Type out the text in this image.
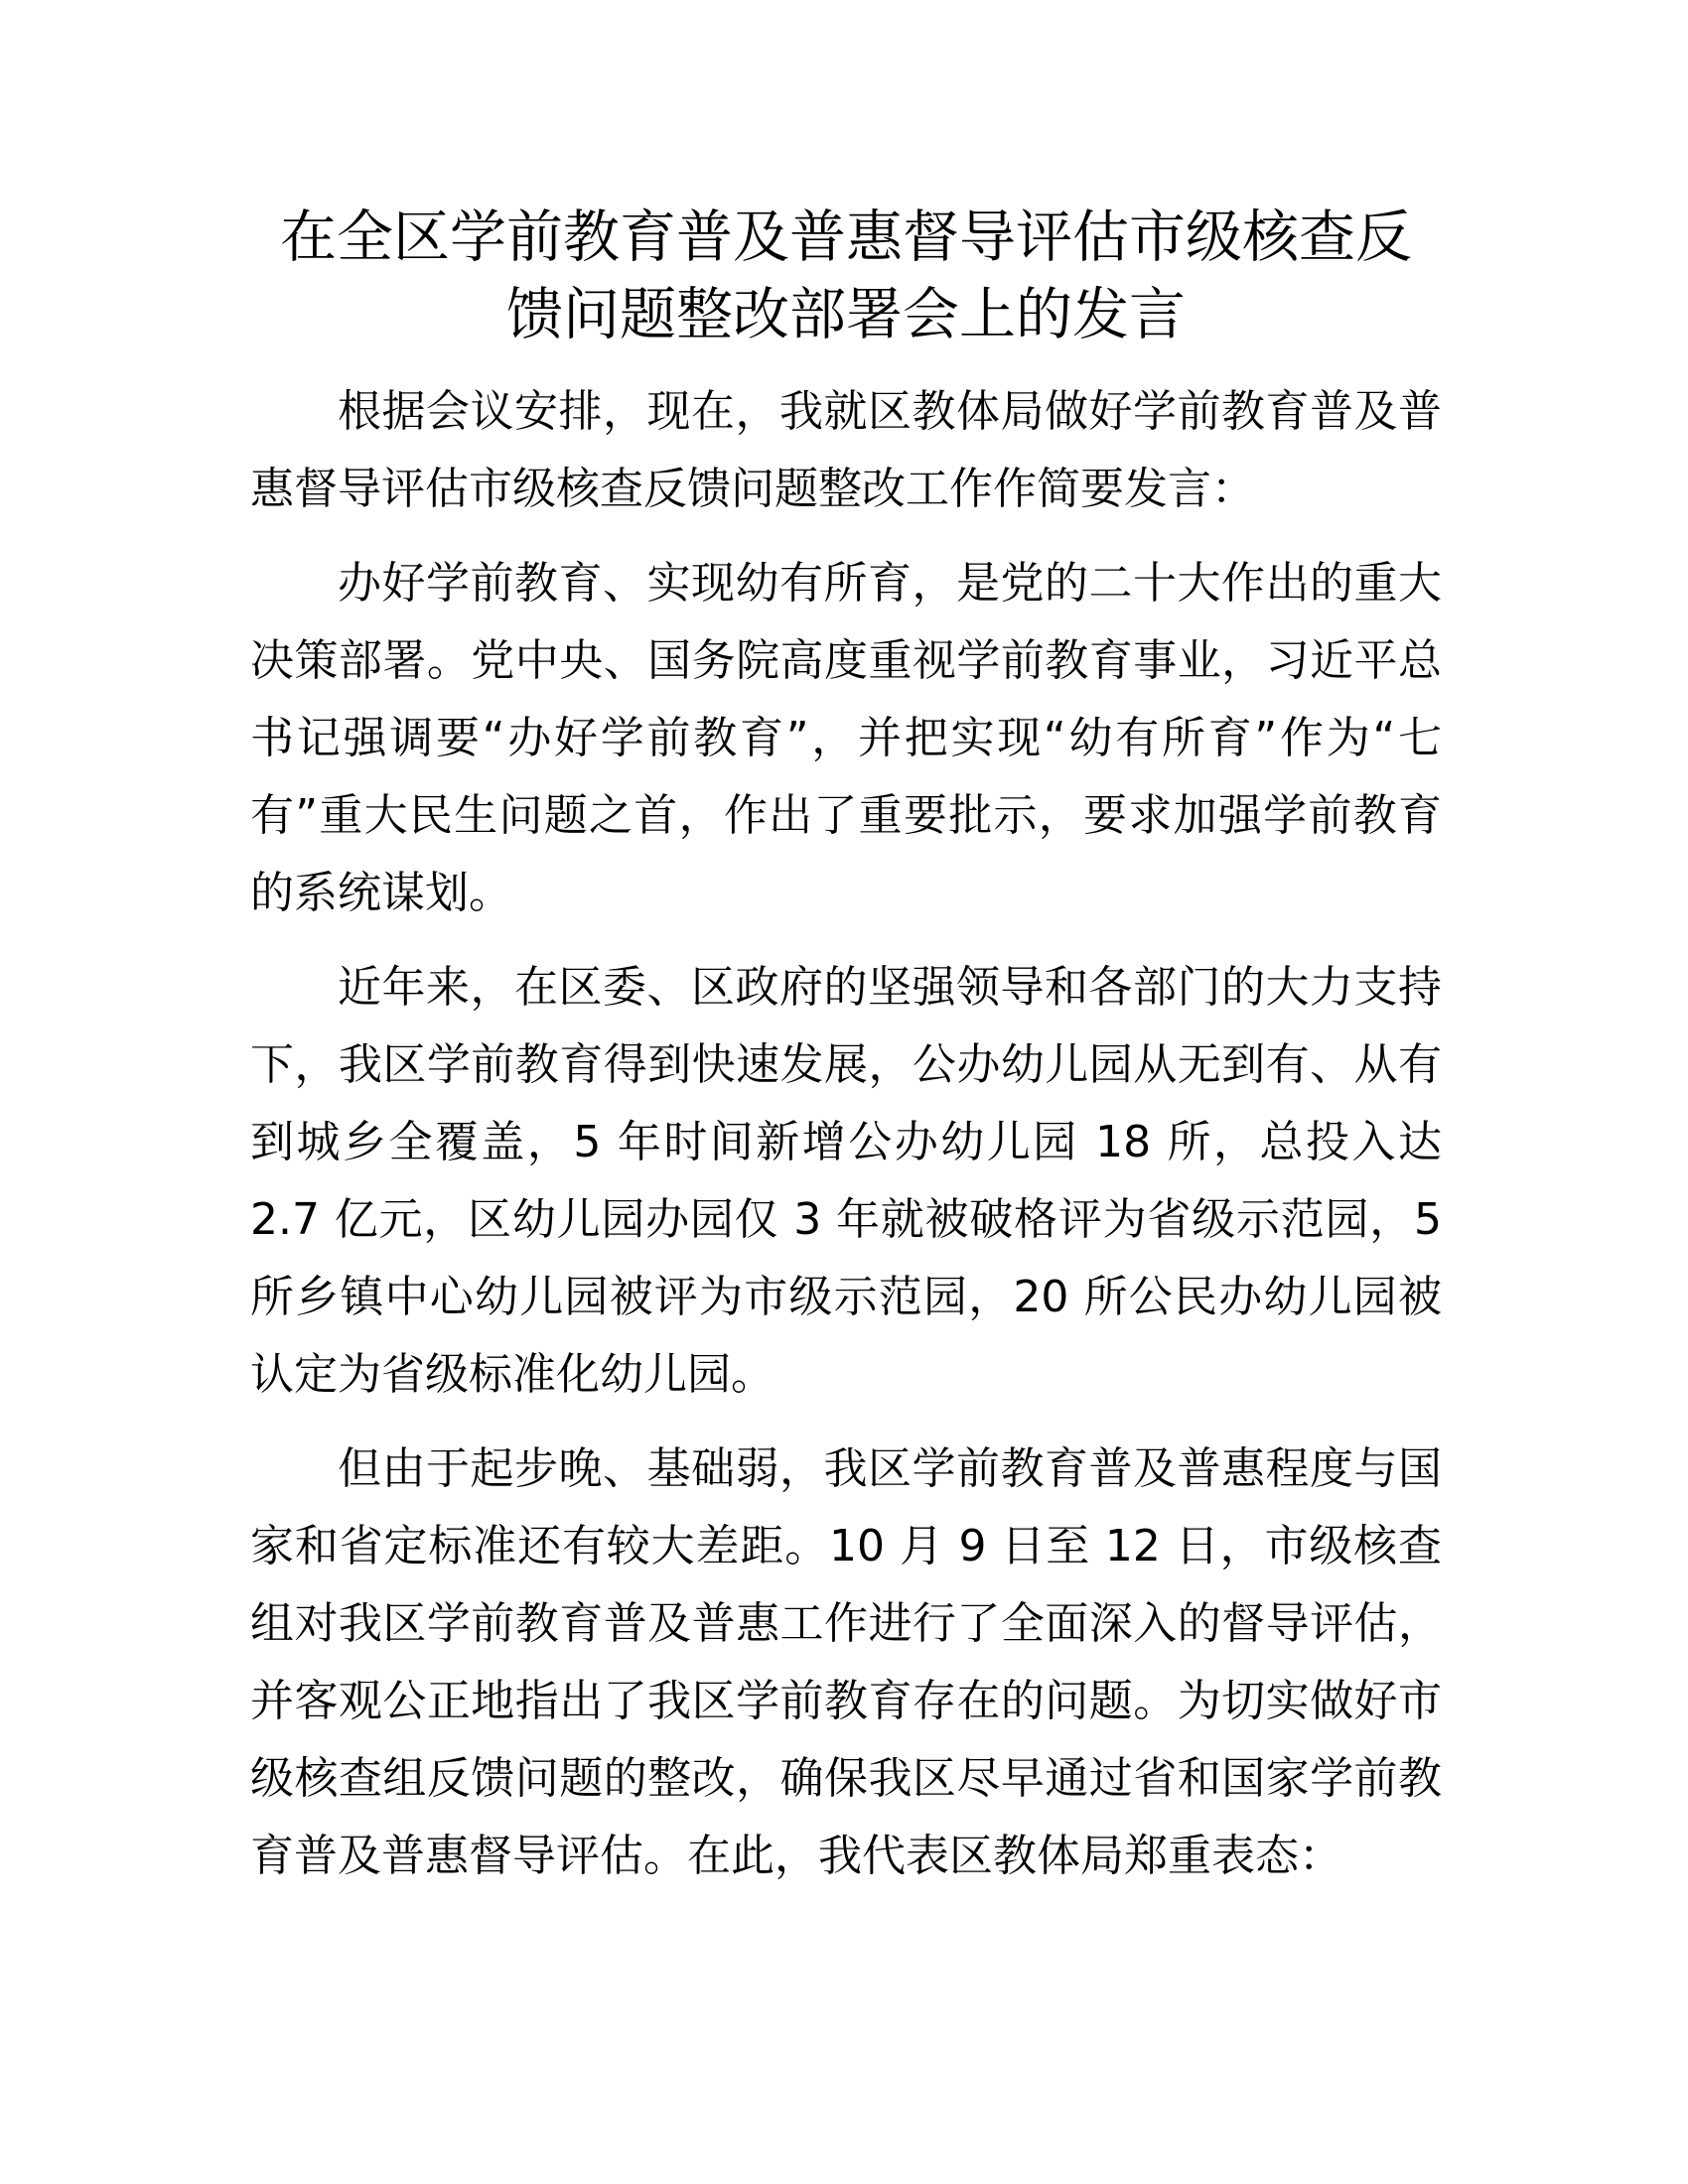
在全区学前教育普及普惠督导评估市级核查反
馈问题整改部署会上的发言
根据会议安排，现在，我就区教体局做好学前教育普及普
惠督导评估市级核查反馈问题整改工作作简要发言：
办好学前教育、实现幼有所育，是党的二十大作出的重大
决策部署。党中央、国务院高度重视学前教育事业，习近平总
书记强调要“办好学前教育”，并把实现“幼有所育”作为“七
有”重大民生问题之首，作出了重要批示，要求加强学前教育
的系统谋划。
近年来，在区委、区政府的坚强领导和各部门的大力支持
下，我区学前教育得到快速发展，公办幼儿园从无到有、从有
到城乡全覆盖，5 年时间新增公办幼儿园 18 所，总投入达
2.7 亿元，区幼儿园办园仅 3 年就被破格评为省级示范园，5
所乡镇中心幼儿园被评为市级示范园，20 所公民办幼儿园被
认定为省级标准化幼儿园。
但由于起步晚、基础弱，我区学前教育普及普惠程度与国
家和省定标准还有较大差距。10 月 9 日至 12 日，市级核查
组对我区学前教育普及普惠工作进行了全面深入的督导评估，
并客观公正地指出了我区学前教育存在的问题。为切实做好市
级核查组反馈问题的整改，确保我区尽早通过省和国家学前教
育普及普惠督导评估。在此，我代表区教体局郑重表态：
